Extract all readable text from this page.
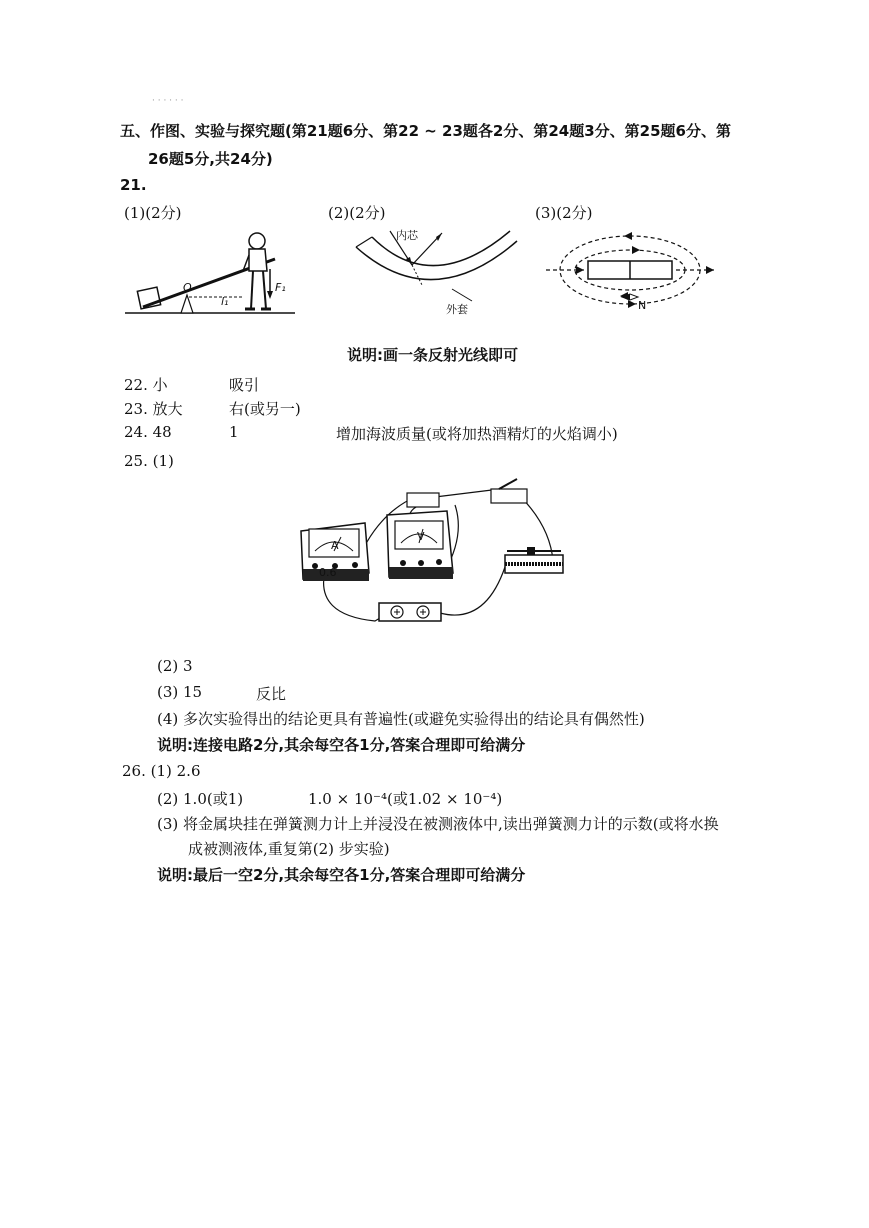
· · · · · ·
五、作图、实验与探究题(第21题6分、第22 ~ 23题各2分、第24题3分、第25题6分、第
26题5分,共24分)
21.
(1)(2分)	(2)(2分)	(3)(2分)
O
l₁
F₁
内芯
外套	N
说明:画一条反射光线即可
22. 小	吸引
23. 放大	右(或另一)
24. 48	1	增加海波质量(或将加热酒精灯的火焰调小)
25. (1)
A
0.6
V
(2) 3
(3) 15	反比
(4) 多次实验得出的结论更具有普遍性(或避免实验得出的结论具有偶然性)
说明:连接电路2分,其余每空各1分,答案合理即可给满分
26. (1) 2.6
(2) 1.0(或1)	1.0 × 10⁻⁴(或1.02 × 10⁻⁴)
(3) 将金属块挂在弹簧测力计上并浸没在被测液体中,读出弹簧测力计的示数(或将水换
成被测液体,重复第(2) 步实验)
说明:最后一空2分,其余每空各1分,答案合理即可给满分
